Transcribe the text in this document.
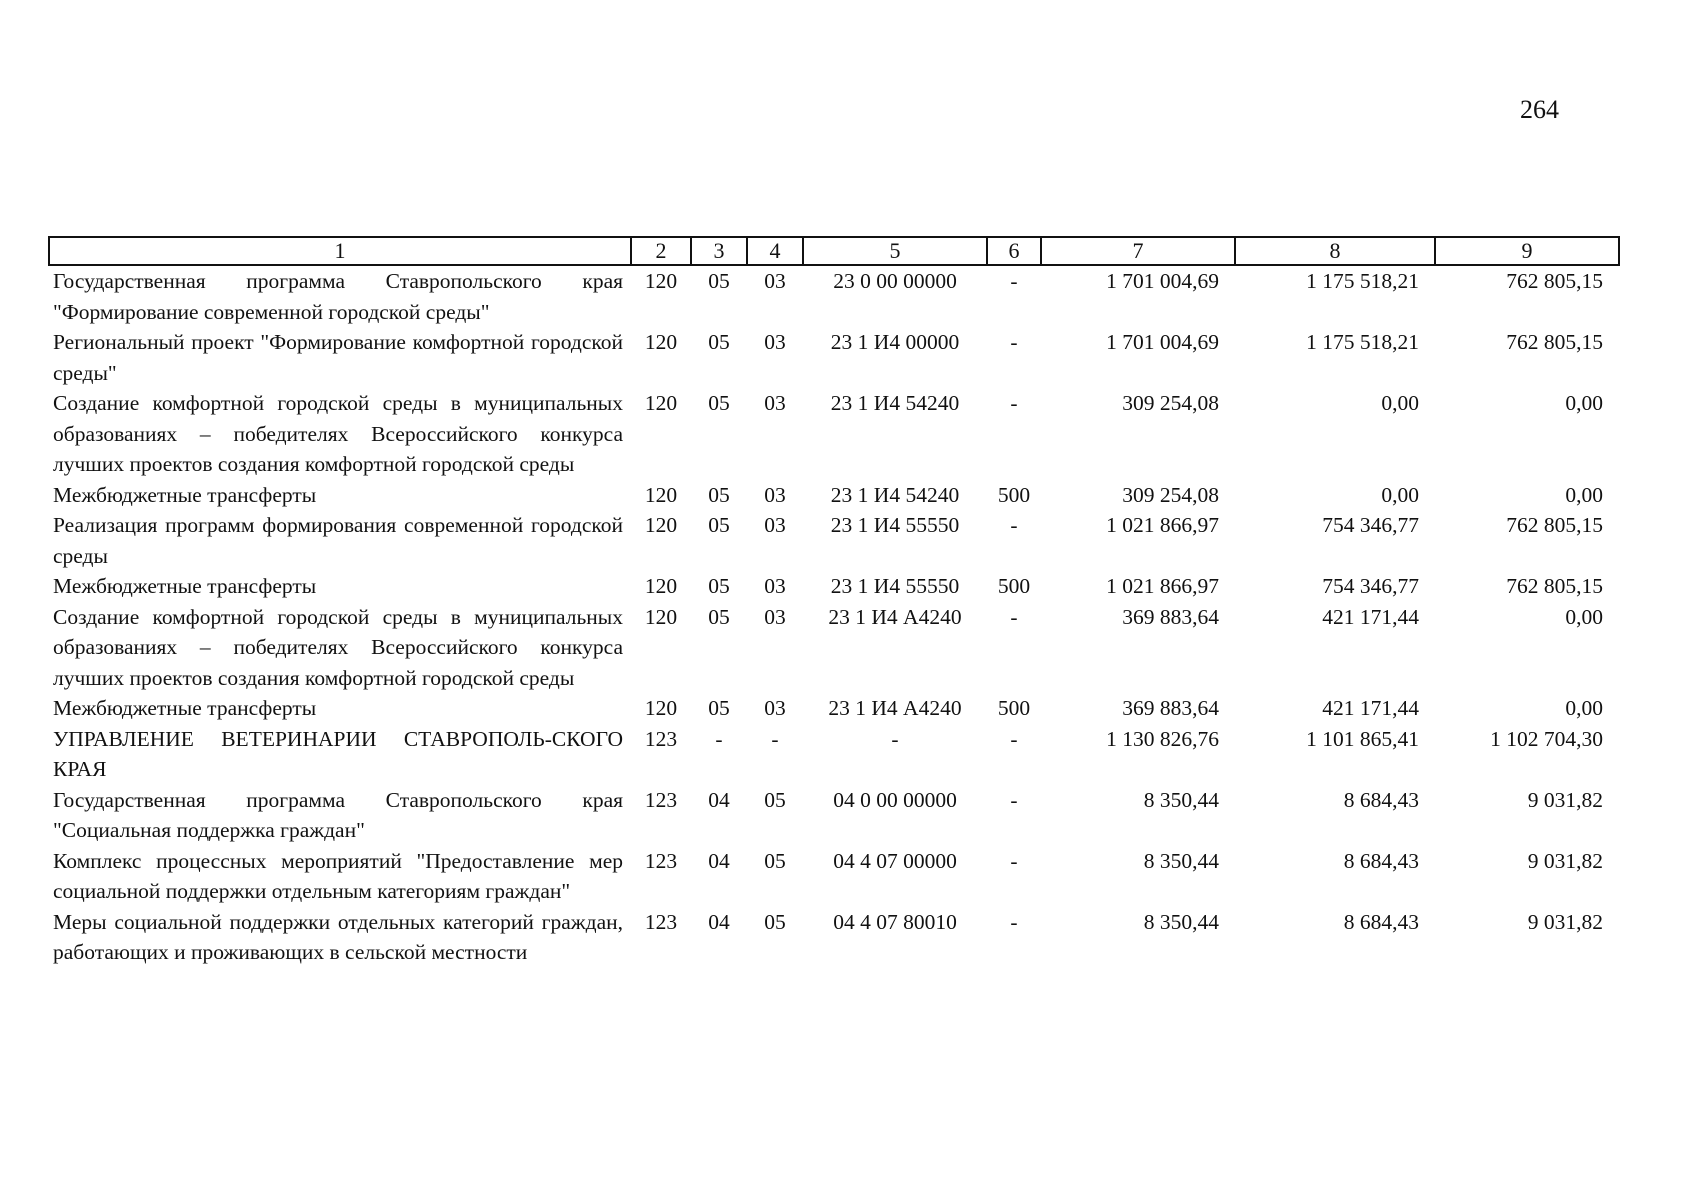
264
1	2	3	4	5	6	7	8	9
Государственная программа Ставропольского края "Формирование современной городской среды"	120	05	03	23 0 00 00000	-	1 701 004,69	1 175 518,21	762 805,15
Региональный проект "Формирование комфортной городской среды"	120	05	03	23 1 И4 00000	-	1 701 004,69	1 175 518,21	762 805,15
Создание комфортной городской среды в муниципальных образованиях – победителях Всероссийского конкурса лучших проектов создания комфортной городской среды	120	05	03	23 1 И4 54240	-	309 254,08	0,00	0,00
Межбюджетные трансферты	120	05	03	23 1 И4 54240	500	309 254,08	0,00	0,00
Реализация программ формирования современной городской среды	120	05	03	23 1 И4 55550	-	1 021 866,97	754 346,77	762 805,15
Межбюджетные трансферты	120	05	03	23 1 И4 55550	500	1 021 866,97	754 346,77	762 805,15
Создание комфортной городской среды в муниципальных образованиях – победителях Всероссийского конкурса лучших проектов создания комфортной городской среды	120	05	03	23 1 И4 А4240	-	369 883,64	421 171,44	0,00
Межбюджетные трансферты	120	05	03	23 1 И4 А4240	500	369 883,64	421 171,44	0,00
УПРАВЛЕНИЕ ВЕТЕРИНАРИИ СТАВРОПОЛЬ-СКОГО КРАЯ	123	-	-	-	-	1 130 826,76	1 101 865,41	1 102 704,30
Государственная программа Ставропольского края "Социальная поддержка граждан"	123	04	05	04 0 00 00000	-	8 350,44	8 684,43	9 031,82
Комплекс процессных мероприятий "Предоставление мер социальной поддержки отдельным категориям граждан"	123	04	05	04 4 07 00000	-	8 350,44	8 684,43	9 031,82
Меры социальной поддержки отдельных категорий граждан, работающих и проживающих в сельской местности	123	04	05	04 4 07 80010	-	8 350,44	8 684,43	9 031,82
